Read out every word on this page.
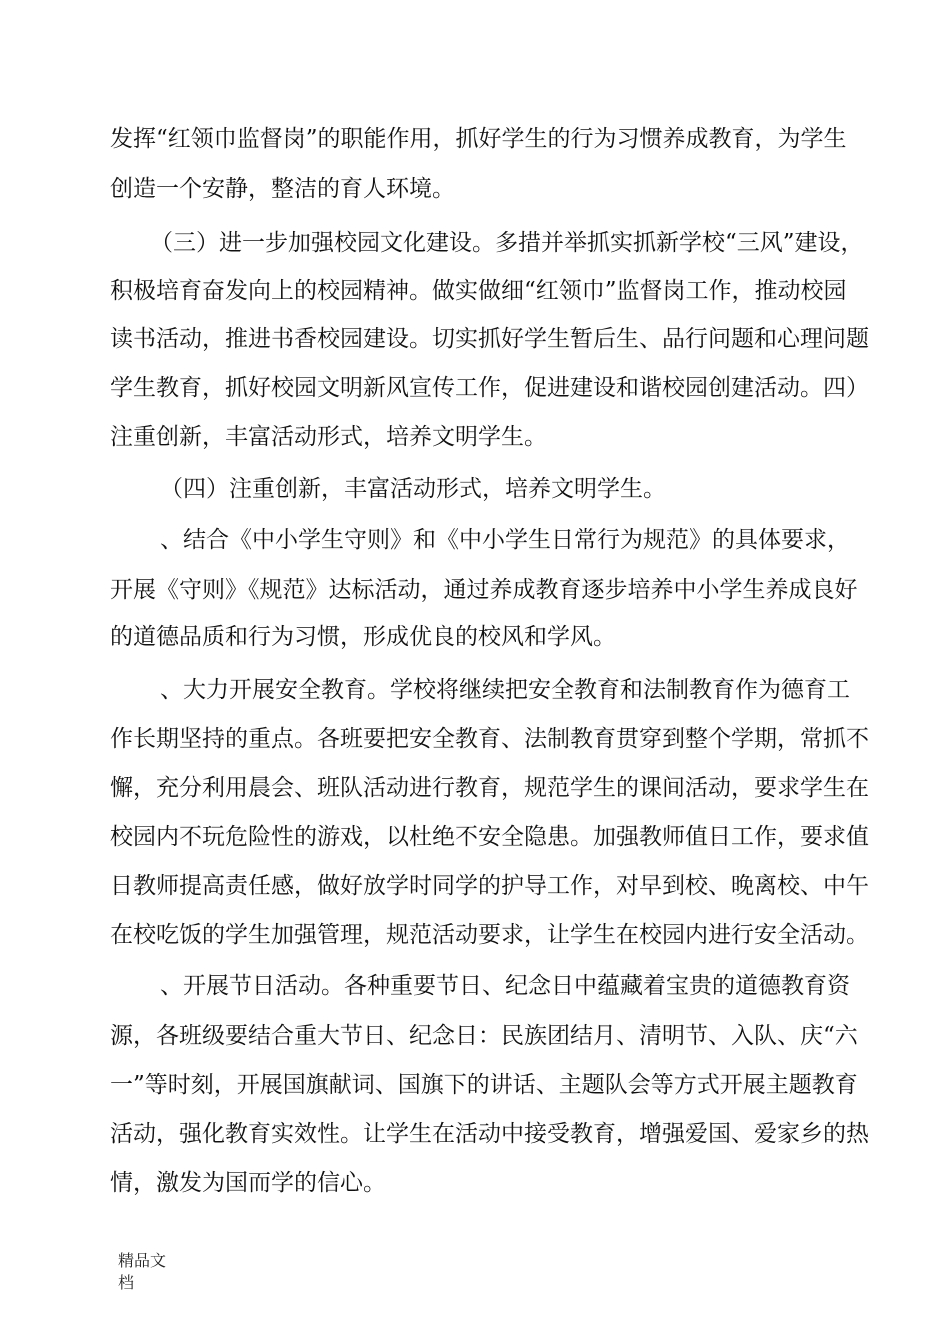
发挥“红领巾监督岗”的职能作用，抓好学生的行为习惯养成教育，为学生
创造一个安静，整洁的育人环境。
（三）进一步加强校园文化建设。多措并举抓实抓新学校“三风”建设，
积极培育奋发向上的校园精神。做实做细“红领巾”监督岗工作，推动校园
读书活动，推进书香校园建设。切实抓好学生暂后生、品行问题和心理问题
学生教育，抓好校园文明新风宣传工作，促进建设和谐校园创建活动。四）
注重创新，丰富活动形式，培养文明学生。
（四）注重创新，丰富活动形式，培养文明学生。
、结合《中小学生守则》和《中小学生日常行为规范》的具体要求，
开展《守则》《规范》达标活动，通过养成教育逐步培养中小学生养成良好
的道德品质和行为习惯，形成优良的校风和学风。
、大力开展安全教育。学校将继续把安全教育和法制教育作为德育工
作长期坚持的重点。各班要把安全教育、法制教育贯穿到整个学期，常抓不
懈，充分利用晨会、班队活动进行教育，规范学生的课间活动，要求学生在
校园内不玩危险性的游戏，以杜绝不安全隐患。加强教师值日工作，要求值
日教师提高责任感，做好放学时同学的护导工作，对早到校、晚离校、中午
在校吃饭的学生加强管理，规范活动要求，让学生在校园内进行安全活动。
、开展节日活动。各种重要节日、纪念日中蕴藏着宝贵的道德教育资
源，各班级要结合重大节日、纪念日：民族团结月、清明节、入队、庆“六
一”等时刻，开展国旗献词、国旗下的讲话、主题队会等方式开展主题教育
活动，强化教育实效性。让学生在活动中接受教育，增强爱国、爱家乡的热
情，激发为国而学的信心。
精品文
档
